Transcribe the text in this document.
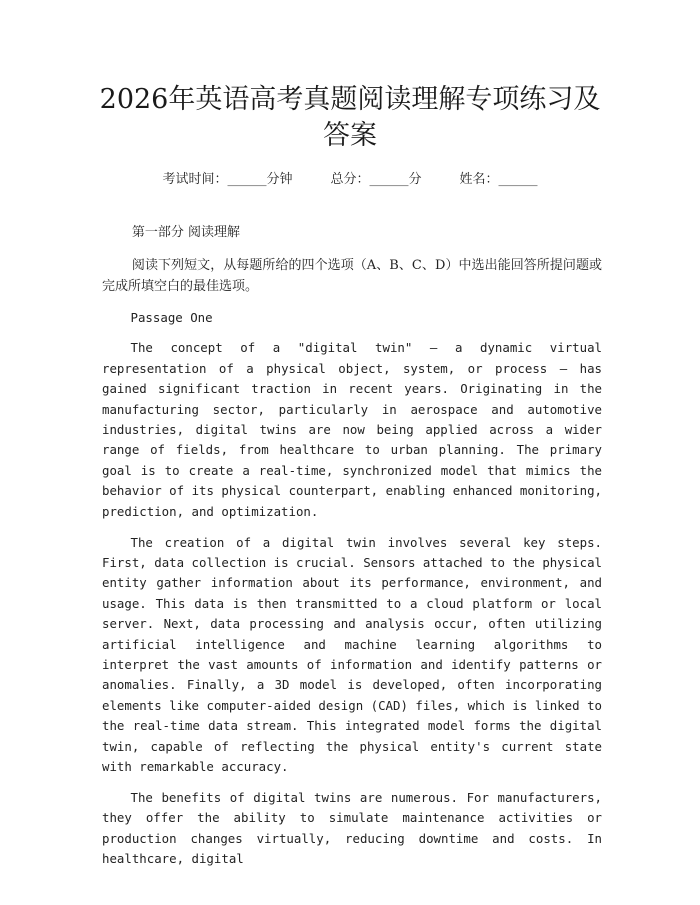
2026年英语高考真题阅读理解专项练习及答案
考试时间：______分钟	总分：______分	姓名：______

第一部分 阅读理解

阅读下列短文，从每题所给的四个选项（A、B、C、D）中选出能回答所提问题或完成所填空白的最佳选项。

Passage One

The concept of a "digital twin" – a dynamic virtual representation of a physical object, system, or process – has gained significant traction in recent years. Originating in the manufacturing sector, particularly in aerospace and automotive industries, digital twins are now being applied across a wider range of fields, from healthcare to urban planning. The primary goal is to create a real-time, synchronized model that mimics the behavior of its physical counterpart, enabling enhanced monitoring, prediction, and optimization.

The creation of a digital twin involves several key steps. First, data collection is crucial. Sensors attached to the physical entity gather information about its performance, environment, and usage. This data is then transmitted to a cloud platform or local server. Next, data processing and analysis occur, often utilizing artificial intelligence and machine learning algorithms to interpret the vast amounts of information and identify patterns or anomalies. Finally, a 3D model is developed, often incorporating elements like computer-aided design (CAD) files, which is linked to the real-time data stream. This integrated model forms the digital twin, capable of reflecting the physical entity's current state with remarkable accuracy.

The benefits of digital twins are numerous. For manufacturers, they offer the ability to simulate maintenance activities or production changes virtually, reducing downtime and costs. In healthcare, digital
